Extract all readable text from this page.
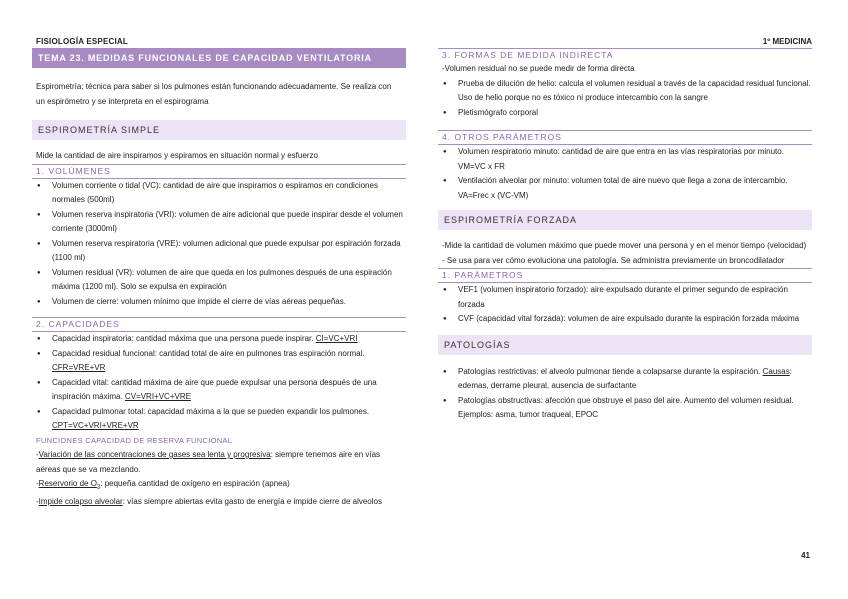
FISIOLOGÍA ESPECIAL	1º MEDICINA
TEMA 23. MEDIDAS FUNCIONALES DE CAPACIDAD VENTILATORIA
Espirometría: técnica para saber si los pulmones están funcionando adecuadamente. Se realiza con un espirómetro y se interpreta en el espirograma
ESPIROMETRÍA SIMPLE
Mide la cantidad de aire inspiramos y espiramos en situación normal y esfuerzo
1. VOLÚMENES
● Volumen corriente o tidal (VC): cantidad de aire que inspiramos o espiramos en condiciones normales (500ml)
● Volumen reserva inspiratoria (VRI): volumen de aire adicional que puede inspirar desde el volumen corriente (3000ml)
● Volumen reserva respiratoria (VRE): volumen adicional que puede expulsar por espiración forzada (1100 ml)
● Volumen residual (VR): volumen de aire que queda en los pulmones después de una espiración máxima (1200 ml). Solo se expulsa en expiración
● Volumen de cierre: volumen mínimo que impide el cierre de vías aéreas pequeñas.
2. CAPACIDADES
● Capacidad inspiratoria: cantidad máxima que una persona puede inspirar. CI=VC+VRI
● Capacidad residual funcional: cantidad total de aire en pulmones tras espiración normal. CFR=VRE+VR
● Capacidad vital: cantidad máxima de aire que puede expulsar una persona después de una inspiración máxima. CV=VRI+VC+VRE
● Capacidad pulmonar total: capacidad máxima a la que se pueden expandir los pulmones. CPT=VC+VRI+VRE+VR
FUNCIONES CAPACIDAD DE RESERVA FUNCIONAL
-Variación de las concentraciones de gases sea lenta y progresiva: siempre tenemos aire en vías aéreas que se va mezclando.
-Reservorio de $O_2$: pequeña cantidad de oxígeno en espiración (apnea)
-Impide colapso alveolar: vías siempre abiertas evita gasto de energía e impide cierre de alveolos
3. FORMAS DE MEDIDA INDIRECTA
-Volumen residual no se puede medir de forma directa
● Prueba de dilución de helio: calcula el volumen residual a través de la capacidad residual funcional. Uso de helio porque no es tóxico ni produce intercambio con la sangre
● Pletismógrafo corporal
4. OTROS PARÁMETROS
● Volumen respiratorio minuto: cantidad de aire que entra en las vías respiratorias por minuto. VM=VC x FR
● Ventilación alveolar por minuto: volumen total de aire nuevo que llega a zona de intercambio. VA=Frec x (VC-VM)
ESPIROMETRÍA FORZADA
-Mide la cantidad de volumen máximo que puede mover una persona y en el menor tiempo (velocidad)
- Se usa para ver cómo evoluciona una patología. Se administra previamente un broncodilatador
1. PARÁMETROS
● VEF1 (volumen inspiratorio forzado): aire expulsado durante el primer segundo de espiración forzada
● CVF (capacidad vital forzada): volumen de aire expulsado durante la espiración forzada máxima
PATOLOGÍAS
● Patologías restrictivas: el alveolo pulmonar tiende a colapsarse durante la espiración. Causas: edemas, derrame pleural, ausencia de surfactante
● Patologías obstructivas: afección que obstruye el paso del aire. Aumento del volumen residual.
Ejemplos: asma, tumor traqueal, EPOC
41
